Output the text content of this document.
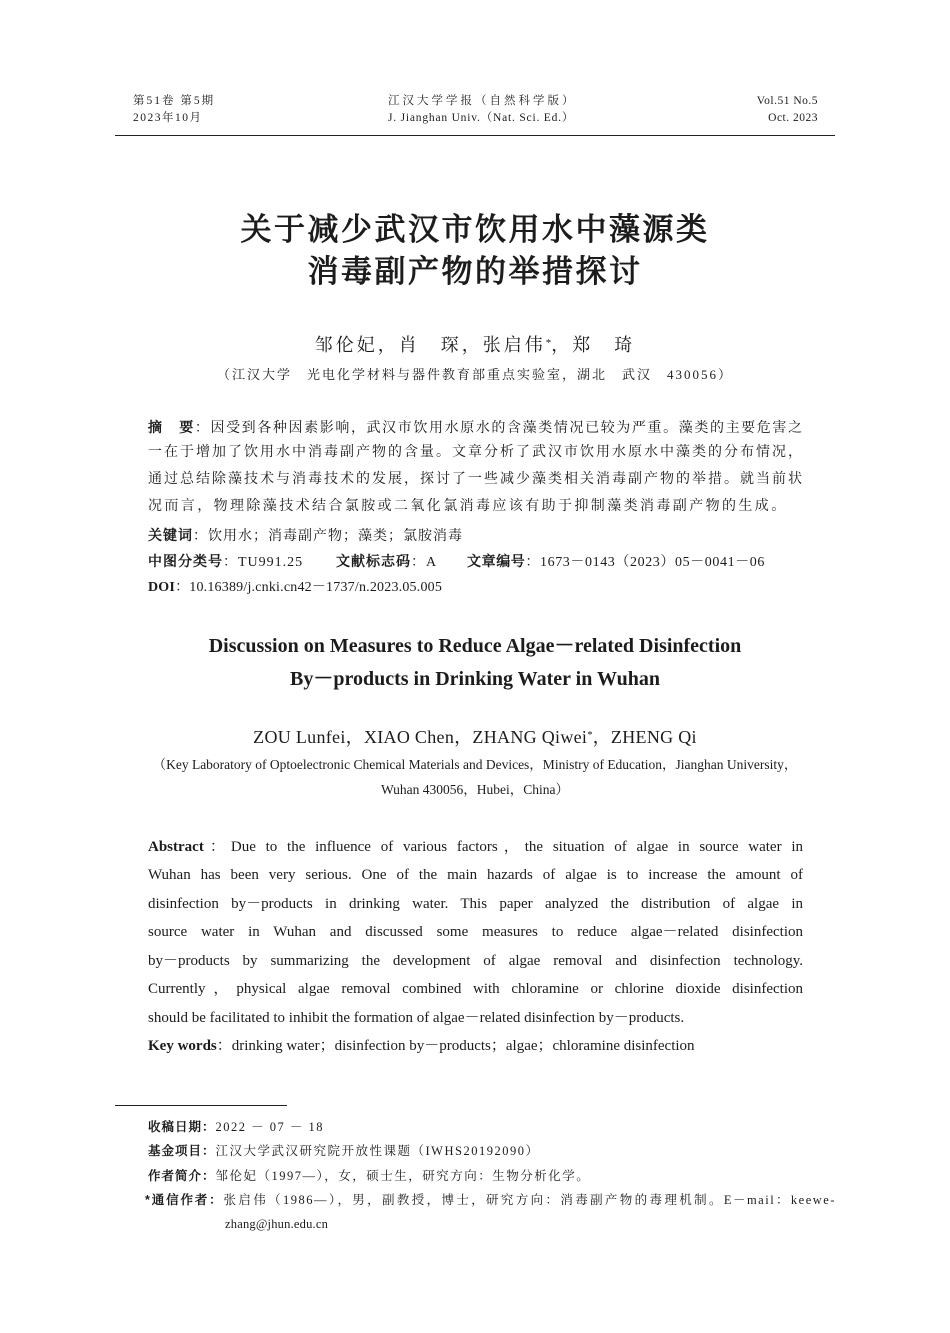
第51卷 第5期
2023年10月
江汉大学学报（自然科学版）
J. Jianghan Univ.（Nat. Sci. Ed.）
Vol.51 No.5
Oct. 2023
关于减少武汉市饮用水中藻源类
消毒副产物的举措探讨
邹伦妃，肖　琛，张启伟*，郑　琦
（江汉大学　光电化学材料与器件教育部重点实验室，湖北　武汉　430056）
摘　要：因受到各种因素影响，武汉市饮用水原水的含藻类情况已较为严重。藻类的主要危害之
一在于增加了饮用水中消毒副产物的含量。文章分析了武汉市饮用水原水中藻类的分布情况，
通过总结除藻技术与消毒技术的发展，探讨了一些减少藻类相关消毒副产物的举措。就当前状
况而言，物理除藻技术结合氯胺或二氧化氯消毒应该有助于抑制藻类消毒副产物的生成。
关键词：饮用水；消毒副产物；藻类；氯胺消毒
中图分类号：TU991.25 文献标志码：A 文章编号：1673－0143（2023）05－0041－06
DOI：10.16389/j.cnki.cn42－1737/n.2023.05.005
Discussion on Measures to Reduce Algae－related Disinfection
By－products in Drinking Water in Wuhan
ZOU Lunfei，XIAO Chen，ZHANG Qiwei*，ZHENG Qi
（Key Laboratory of Optoelectronic Chemical Materials and Devices，Ministry of Education，Jianghan University，
Wuhan 430056，Hubei，China）
Abstract：Due to the influence of various factors，the situation of algae in source water in
Wuhan has been very serious. One of the main hazards of algae is to increase the amount of
disinfection by－products in drinking water. This paper analyzed the distribution of algae in
source water in Wuhan and discussed some measures to reduce algae－related disinfection
by－products by summarizing the development of algae removal and disinfection technology.
Currently，physical algae removal combined with chloramine or chlorine dioxide disinfection
should be facilitated to inhibit the formation of algae－related disinfection by－products.
Key words：drinking water；disinfection by－products；algae；chloramine disinfection
收稿日期：2022 － 07 － 18
基金项目：江汉大学武汉研究院开放性课题（IWHS20192090）
作者简介：邹伦妃（1997—），女，硕士生，研究方向：生物分析化学。
*通信作者：张启伟（1986—），男，副教授，博士，研究方向：消毒副产物的毒理机制。E－mail：keewe-
zhang@jhun.edu.cn
